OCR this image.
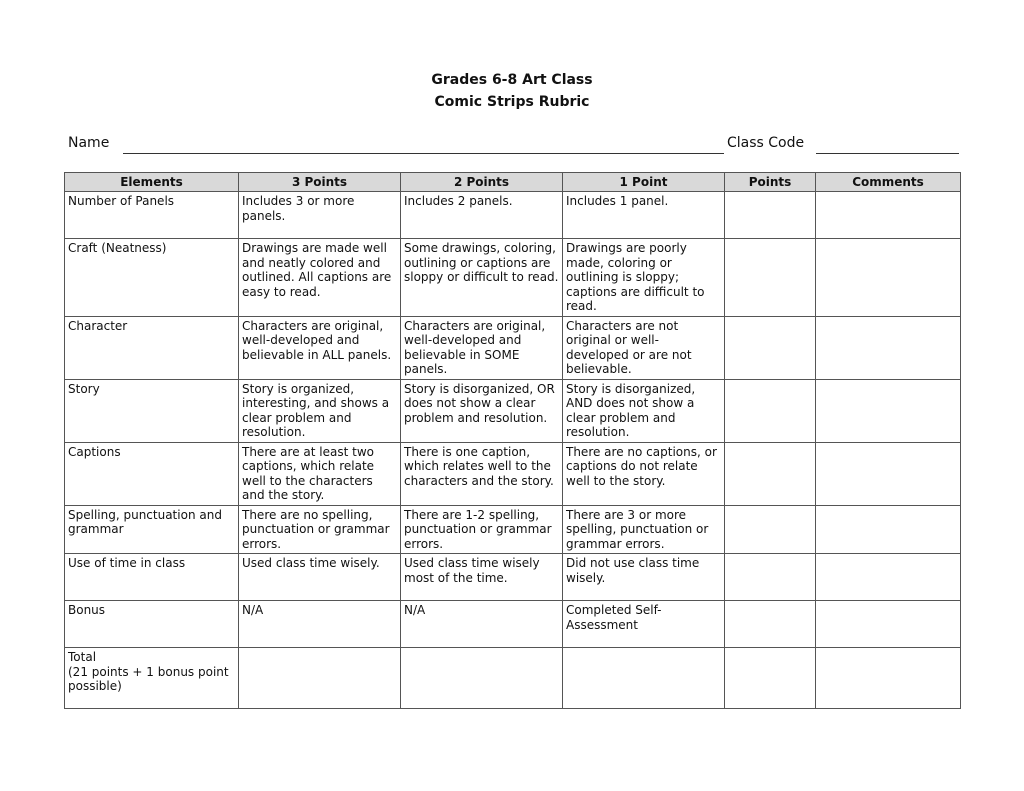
Grades 6-8 Art Class
Comic Strips Rubric
Name	Class Code
Elements	3 Points	2 Points	1 Point	Points	Comments
Number of Panels	Includes 3 or more panels.	Includes 2 panels.	Includes 1 panel.		
Craft (Neatness)	Drawings are made well and neatly colored and outlined. All captions are easy to read.	Some drawings, coloring, outlining or captions are sloppy or difficult to read.	Drawings are poorly made, coloring or outlining is sloppy; captions are difficult to read.		
Character	Characters are original, well-developed and believable in ALL panels.	Characters are original, well-developed and believable in SOME panels.	Characters are not original or well-developed or are not believable.		
Story	Story is organized, interesting, and shows a clear problem and resolution.	Story is disorganized, OR does not show a clear problem and resolution.	Story is disorganized, AND does not show a clear problem and resolution.		
Captions	There are at least two captions, which relate well to the characters and the story.	There is one caption, which relates well to the characters and the story.	There are no captions, or captions do not relate well to the story.		
Spelling, punctuation and grammar	There are no spelling, punctuation or grammar errors.	There are 1-2 spelling, punctuation or grammar errors.	There are 3 or more spelling, punctuation or grammar errors.		
Use of time in class	Used class time wisely.	Used class time wisely most of the time.	Did not use class time wisely.		
Bonus	N/A	N/A	Completed Self-Assessment		
Total
(21 points + 1 bonus point possible)					
